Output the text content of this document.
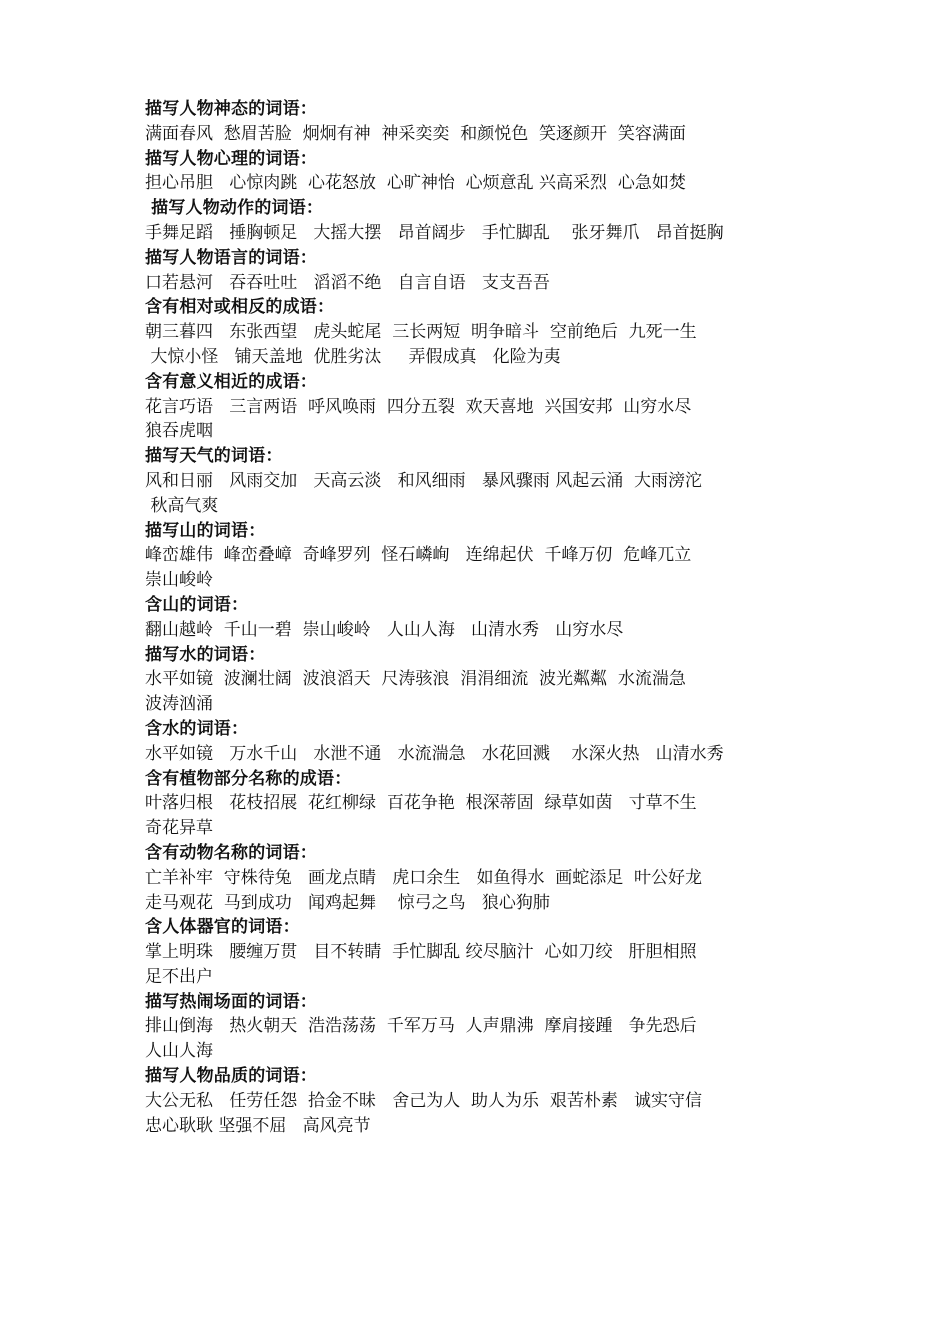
描写人物神态的词语：
满面春风  愁眉苦脸  炯炯有神  神采奕奕  和颜悦色  笑逐颜开  笑容满面
描写人物心理的词语：
担心吊胆   心惊肉跳  心花怒放  心旷神怡  心烦意乱 兴高采烈  心急如焚
描写人物动作的词语：
手舞足蹈   捶胸顿足   大摇大摆   昂首阔步   手忙脚乱    张牙舞爪   昂首挺胸
描写人物语言的词语：
口若悬河   吞吞吐吐   滔滔不绝   自言自语   支支吾吾
含有相对或相反的成语：
朝三暮四   东张西望   虎头蛇尾  三长两短  明争暗斗  空前绝后  九死一生
大惊小怪   铺天盖地  优胜劣汰     弄假成真   化险为夷
含有意义相近的成语：
花言巧语   三言两语  呼风唤雨  四分五裂  欢天喜地  兴国安邦  山穷水尽
狼吞虎咽
描写天气的词语：
风和日丽   风雨交加   天高云淡   和风细雨   暴风骤雨 风起云涌  大雨滂沱
秋高气爽
描写山的词语：
峰峦雄伟  峰峦叠嶂  奇峰罗列  怪石嶙峋   连绵起伏  千峰万仞  危峰兀立
崇山峻岭
含山的词语：
翻山越岭  千山一碧  崇山峻岭   人山人海   山清水秀   山穷水尽
描写水的词语：
水平如镜  波澜壮阔  波浪滔天  尺涛骇浪  涓涓细流  波光粼粼  水流湍急
波涛汹涌
含水的词语：
水平如镜   万水千山   水泄不通   水流湍急   水花回溅    水深火热   山清水秀
含有植物部分名称的成语：
叶落归根   花枝招展  花红柳绿  百花争艳  根深蒂固  绿草如茵   寸草不生
奇花异草
含有动物名称的词语：
亡羊补牢  守株待兔   画龙点睛   虎口余生   如鱼得水  画蛇添足  叶公好龙
走马观花  马到成功   闻鸡起舞    惊弓之鸟   狼心狗肺
含人体器官的词语：
掌上明珠   腰缠万贯   目不转睛  手忙脚乱 绞尽脑汁  心如刀绞   肝胆相照
足不出户
描写热闹场面的词语：
排山倒海   热火朝天  浩浩荡荡  千军万马  人声鼎沸  摩肩接踵   争先恐后
人山人海
描写人物品质的词语：
大公无私   任劳任怨  拾金不昧   舍己为人  助人为乐  艰苦朴素   诚实守信
忠心耿耿 坚强不屈   高风亮节
